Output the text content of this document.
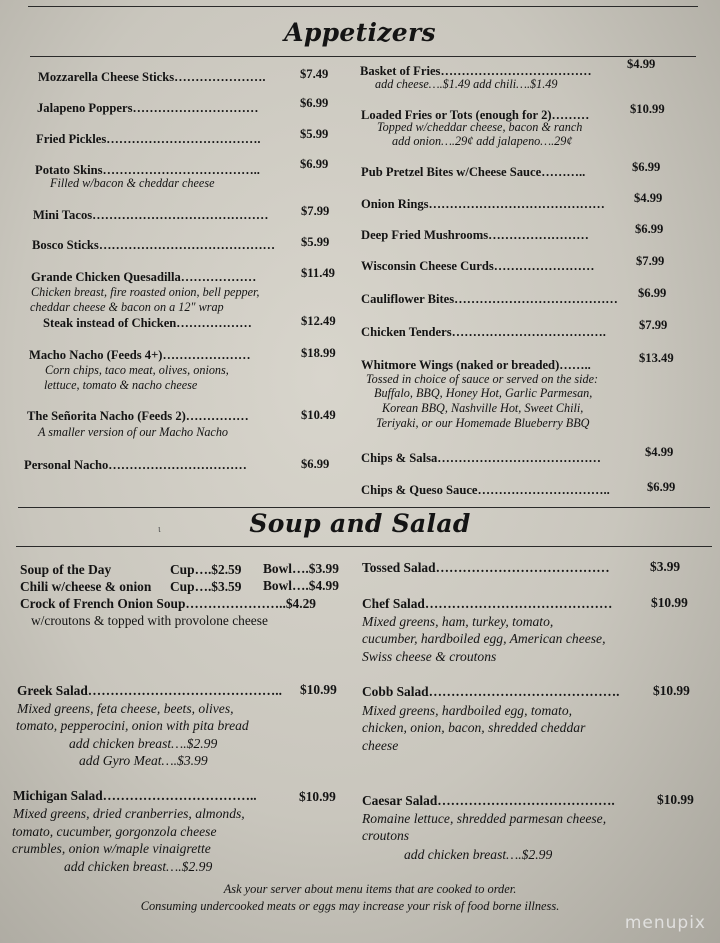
Appetizers
Mozzarella Cheese Sticks………………….	$7.49
Jalapeno Poppers…………………………	$6.99
Fried Pickles……………………………….	$5.99
Potato Skins………………………………..	$6.99
Filled w/bacon & cheddar cheese
Mini Tacos……………………………………	$7.99
Bosco Sticks…………………………………… $5.99
Grande Chicken Quesadilla………………	$11.49
Chicken breast, fire roasted onion, bell pepper,
cheddar cheese & bacon on a 12" wrap
Steak instead of Chicken………………	$12.49
Macho Nacho (Feeds 4+)…………………	$18.99
Corn chips, taco meat, olives, onions,
lettuce, tomato & nacho cheese
The Señorita Nacho (Feeds 2)……………	$10.49
A smaller version of our Macho Nacho
Personal Nacho……………………………	$6.99
Basket of Fries………………………………	$4.99
add cheese….$1.49 add chili….$1.49
Loaded Fries or Tots (enough for 2)………	$10.99
Topped w/cheddar cheese, bacon & ranch
add onion….29¢ add jalapeno….29¢
Pub Pretzel Bites w/Cheese Sauce………..	$6.99
Onion Rings…………………………………… $4.99
Deep Fried Mushrooms……………………	$6.99
Wisconsin Cheese Curds……………………	$7.99
Cauliflower Bites………………………………… $6.99
Chicken Tenders……………………………….	$7.99
Whitmore Wings (naked or breaded)……..	$13.49
Tossed in choice of sauce or served on the side:
Buffalo, BBQ, Honey Hot, Garlic Parmesan,
Korean BBQ, Nashville Hot, Sweet Chili,
Teriyaki, or our Homemade Blueberry BBQ
Chips & Salsa…………………………………	$4.99
Chips & Queso Sauce…………………………..	$6.99
ι	Soup and Salad
Soup of the Day	Cup….$2.59 Bowl….$3.99
Chili w/cheese & onion Cup….$3.59 Bowl….$4.99
Crock of French Onion Soup…………………..$4.29
w/croutons & topped with provolone cheese
Greek Salad…………………………………….. $10.99
Mixed greens, feta cheese, beets, olives,
tomato, pepperocini, onion with pita bread
add chicken breast….$2.99
add Gyro Meat….$3.99
Michigan Salad……………………………..	$10.99
Mixed greens, dried cranberries, almonds,
tomato, cucumber, gorgonzola cheese
crumbles, onion w/maple vinaigrette
add chicken breast….$2.99
Tossed Salad…………………………………	$3.99
Chef Salad……………………………………	$10.99
Mixed greens, ham, turkey, tomato,
cucumber, hardboiled egg, American cheese,
Swiss cheese & croutons
Cobb Salad…………………………………….	$10.99
Mixed greens, hardboiled egg, tomato,
chicken, onion, bacon, shredded cheddar
cheese
Caesar Salad………………………………….	$10.99
Romaine lettuce, shredded parmesan cheese,
croutons
add chicken breast….$2.99
Ask your server about menu items that are cooked to order.
Consuming undercooked meats or eggs may increase your risk of food borne illness.
menupix
